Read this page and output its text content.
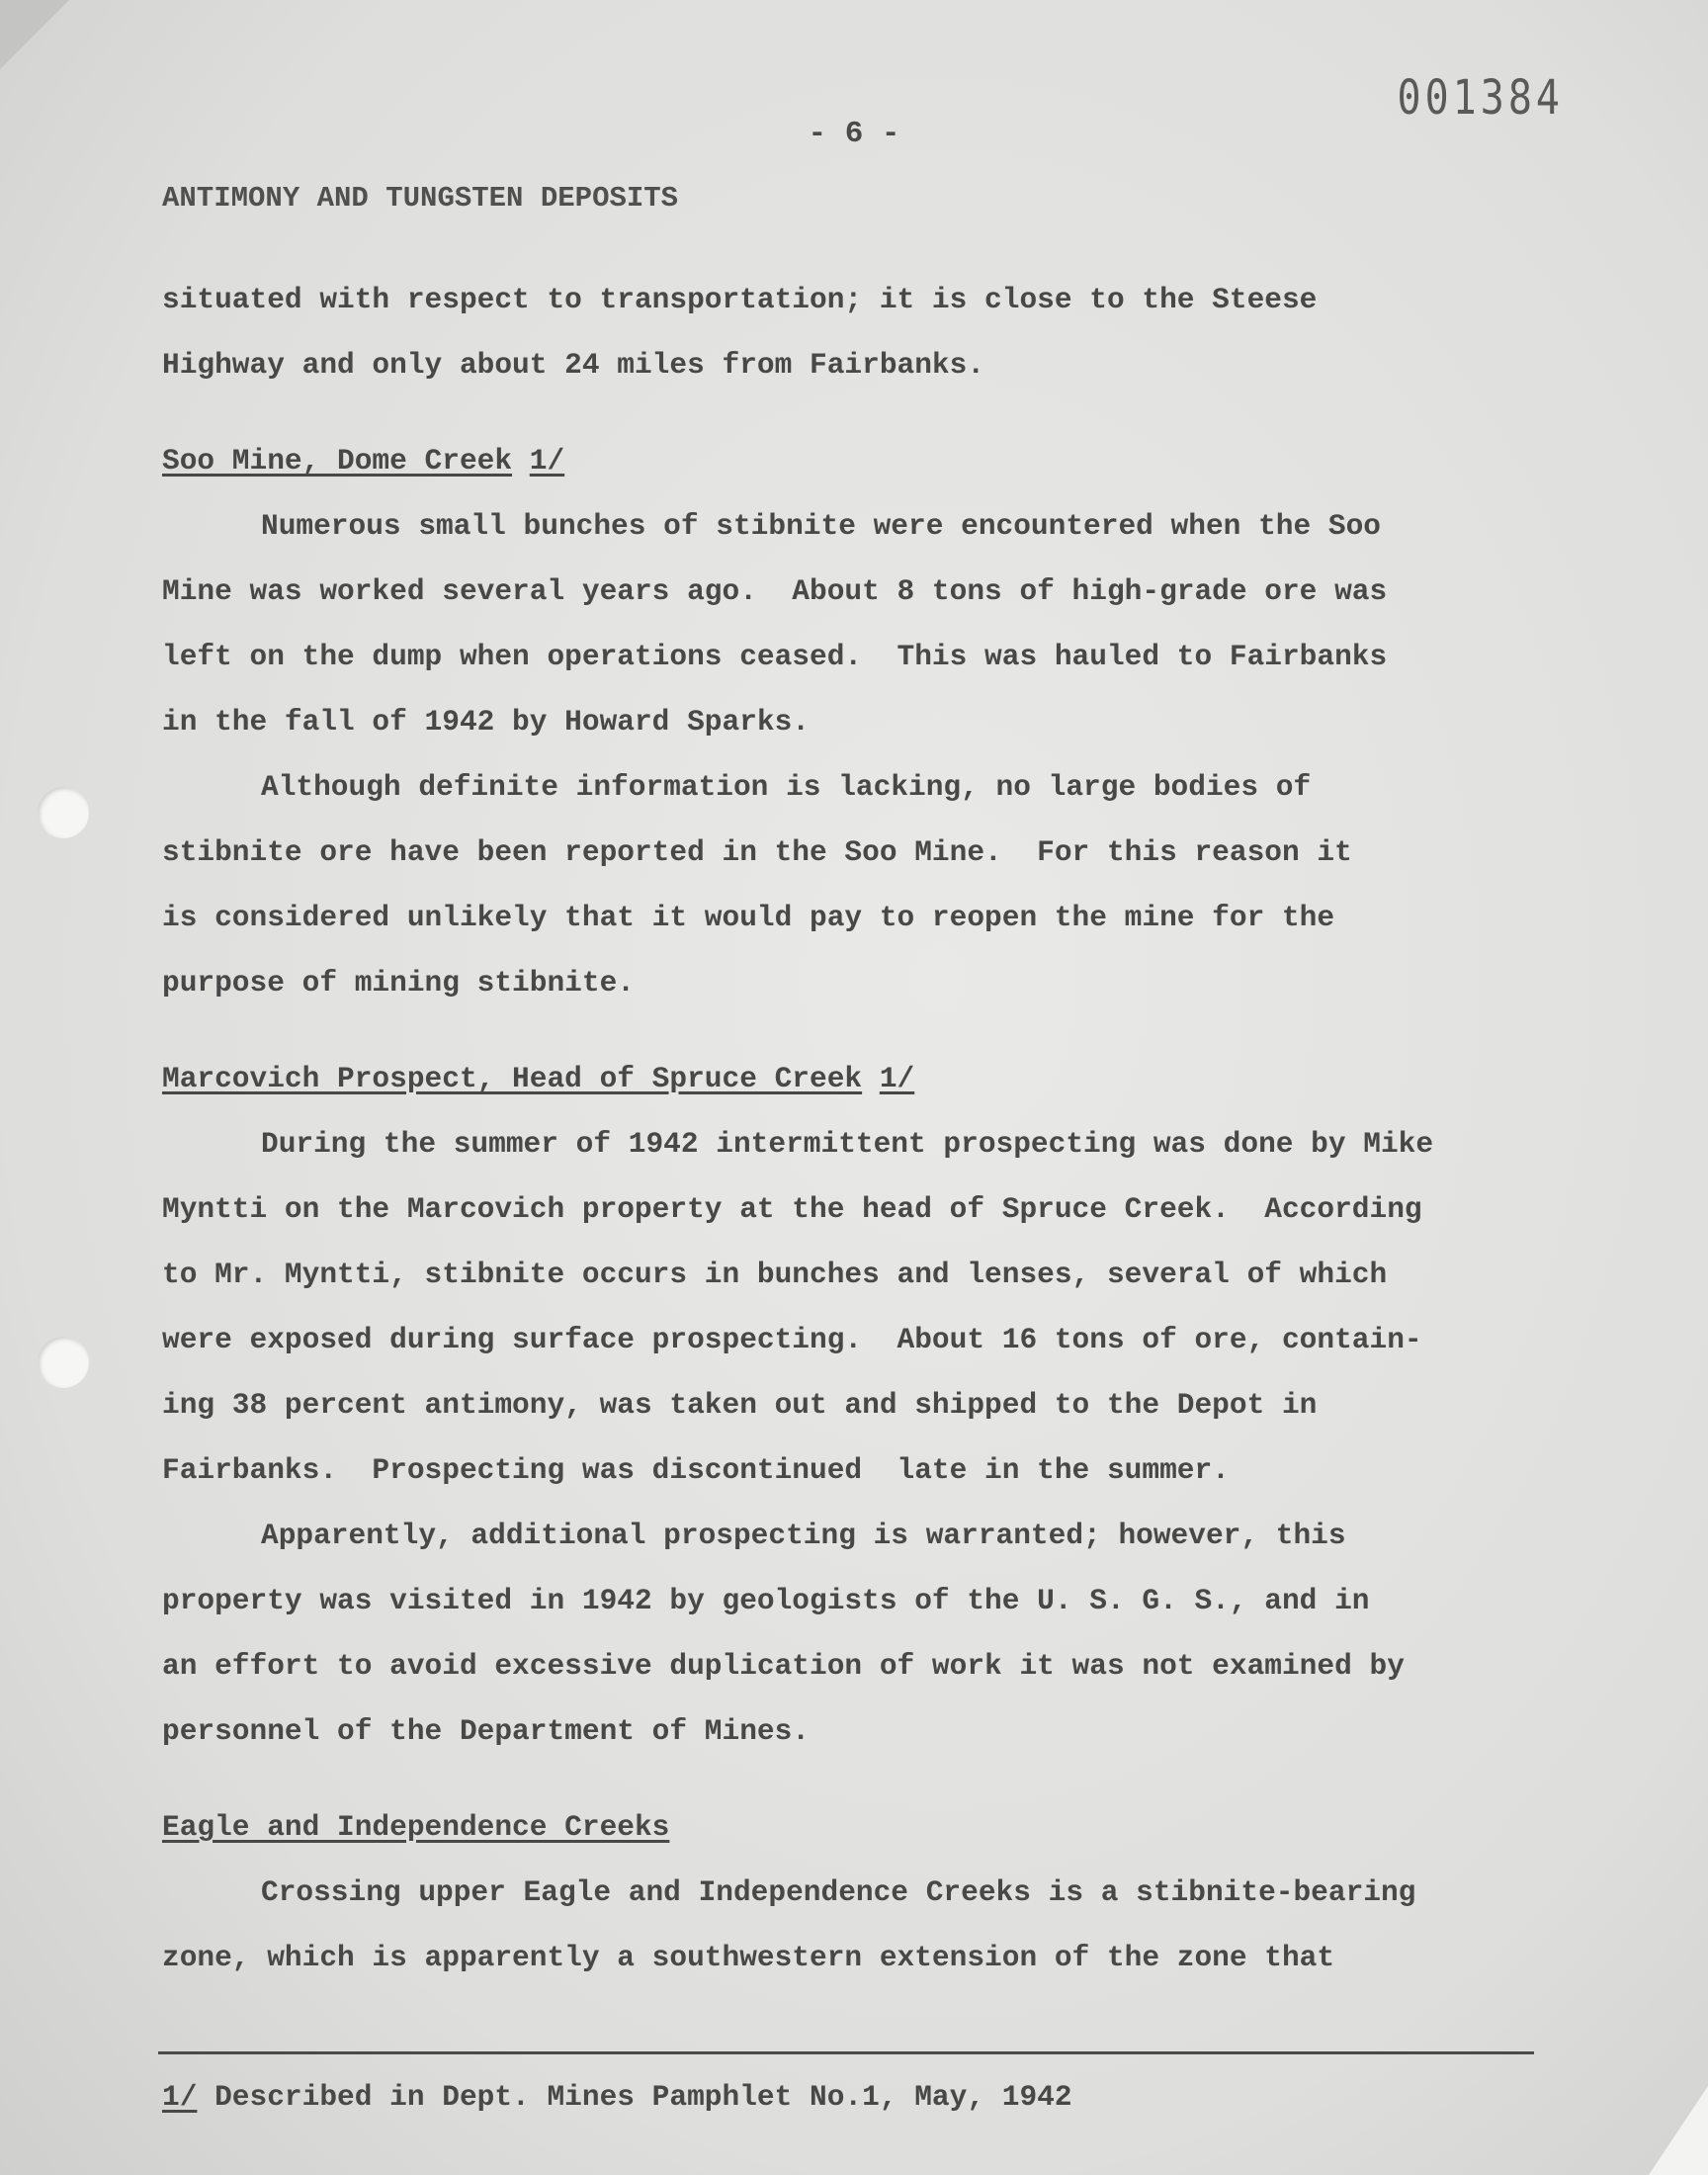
001384
- 6 -
ANTIMONY AND TUNGSTEN DEPOSITS
situated with respect to transportation; it is close to the Steese
Highway and only about 24 miles from Fairbanks.
Soo Mine, Dome Creek 1/
Numerous small bunches of stibnite were encountered when the Soo
Mine was worked several years ago.  About 8 tons of high-grade ore was
left on the dump when operations ceased.  This was hauled to Fairbanks
in the fall of 1942 by Howard Sparks.
Although definite information is lacking, no large bodies of
stibnite ore have been reported in the Soo Mine.  For this reason it
is considered unlikely that it would pay to reopen the mine for the
purpose of mining stibnite.
Marcovich Prospect, Head of Spruce Creek 1/
During the summer of 1942 intermittent prospecting was done by Mike
Myntti on the Marcovich property at the head of Spruce Creek.  According
to Mr. Myntti, stibnite occurs in bunches and lenses, several of which
were exposed during surface prospecting.  About 16 tons of ore, contain-
ing 38 percent antimony, was taken out and shipped to the Depot in
Fairbanks.  Prospecting was discontinued  late in the summer.
Apparently, additional prospecting is warranted; however, this
property was visited in 1942 by geologists of the U. S. G. S., and in
an effort to avoid excessive duplication of work it was not examined by
personnel of the Department of Mines.
Eagle and Independence Creeks
Crossing upper Eagle and Independence Creeks is a stibnite-bearing
zone, which is apparently a southwestern extension of the zone that
1/ Described in Dept. Mines Pamphlet No.1, May, 1942
